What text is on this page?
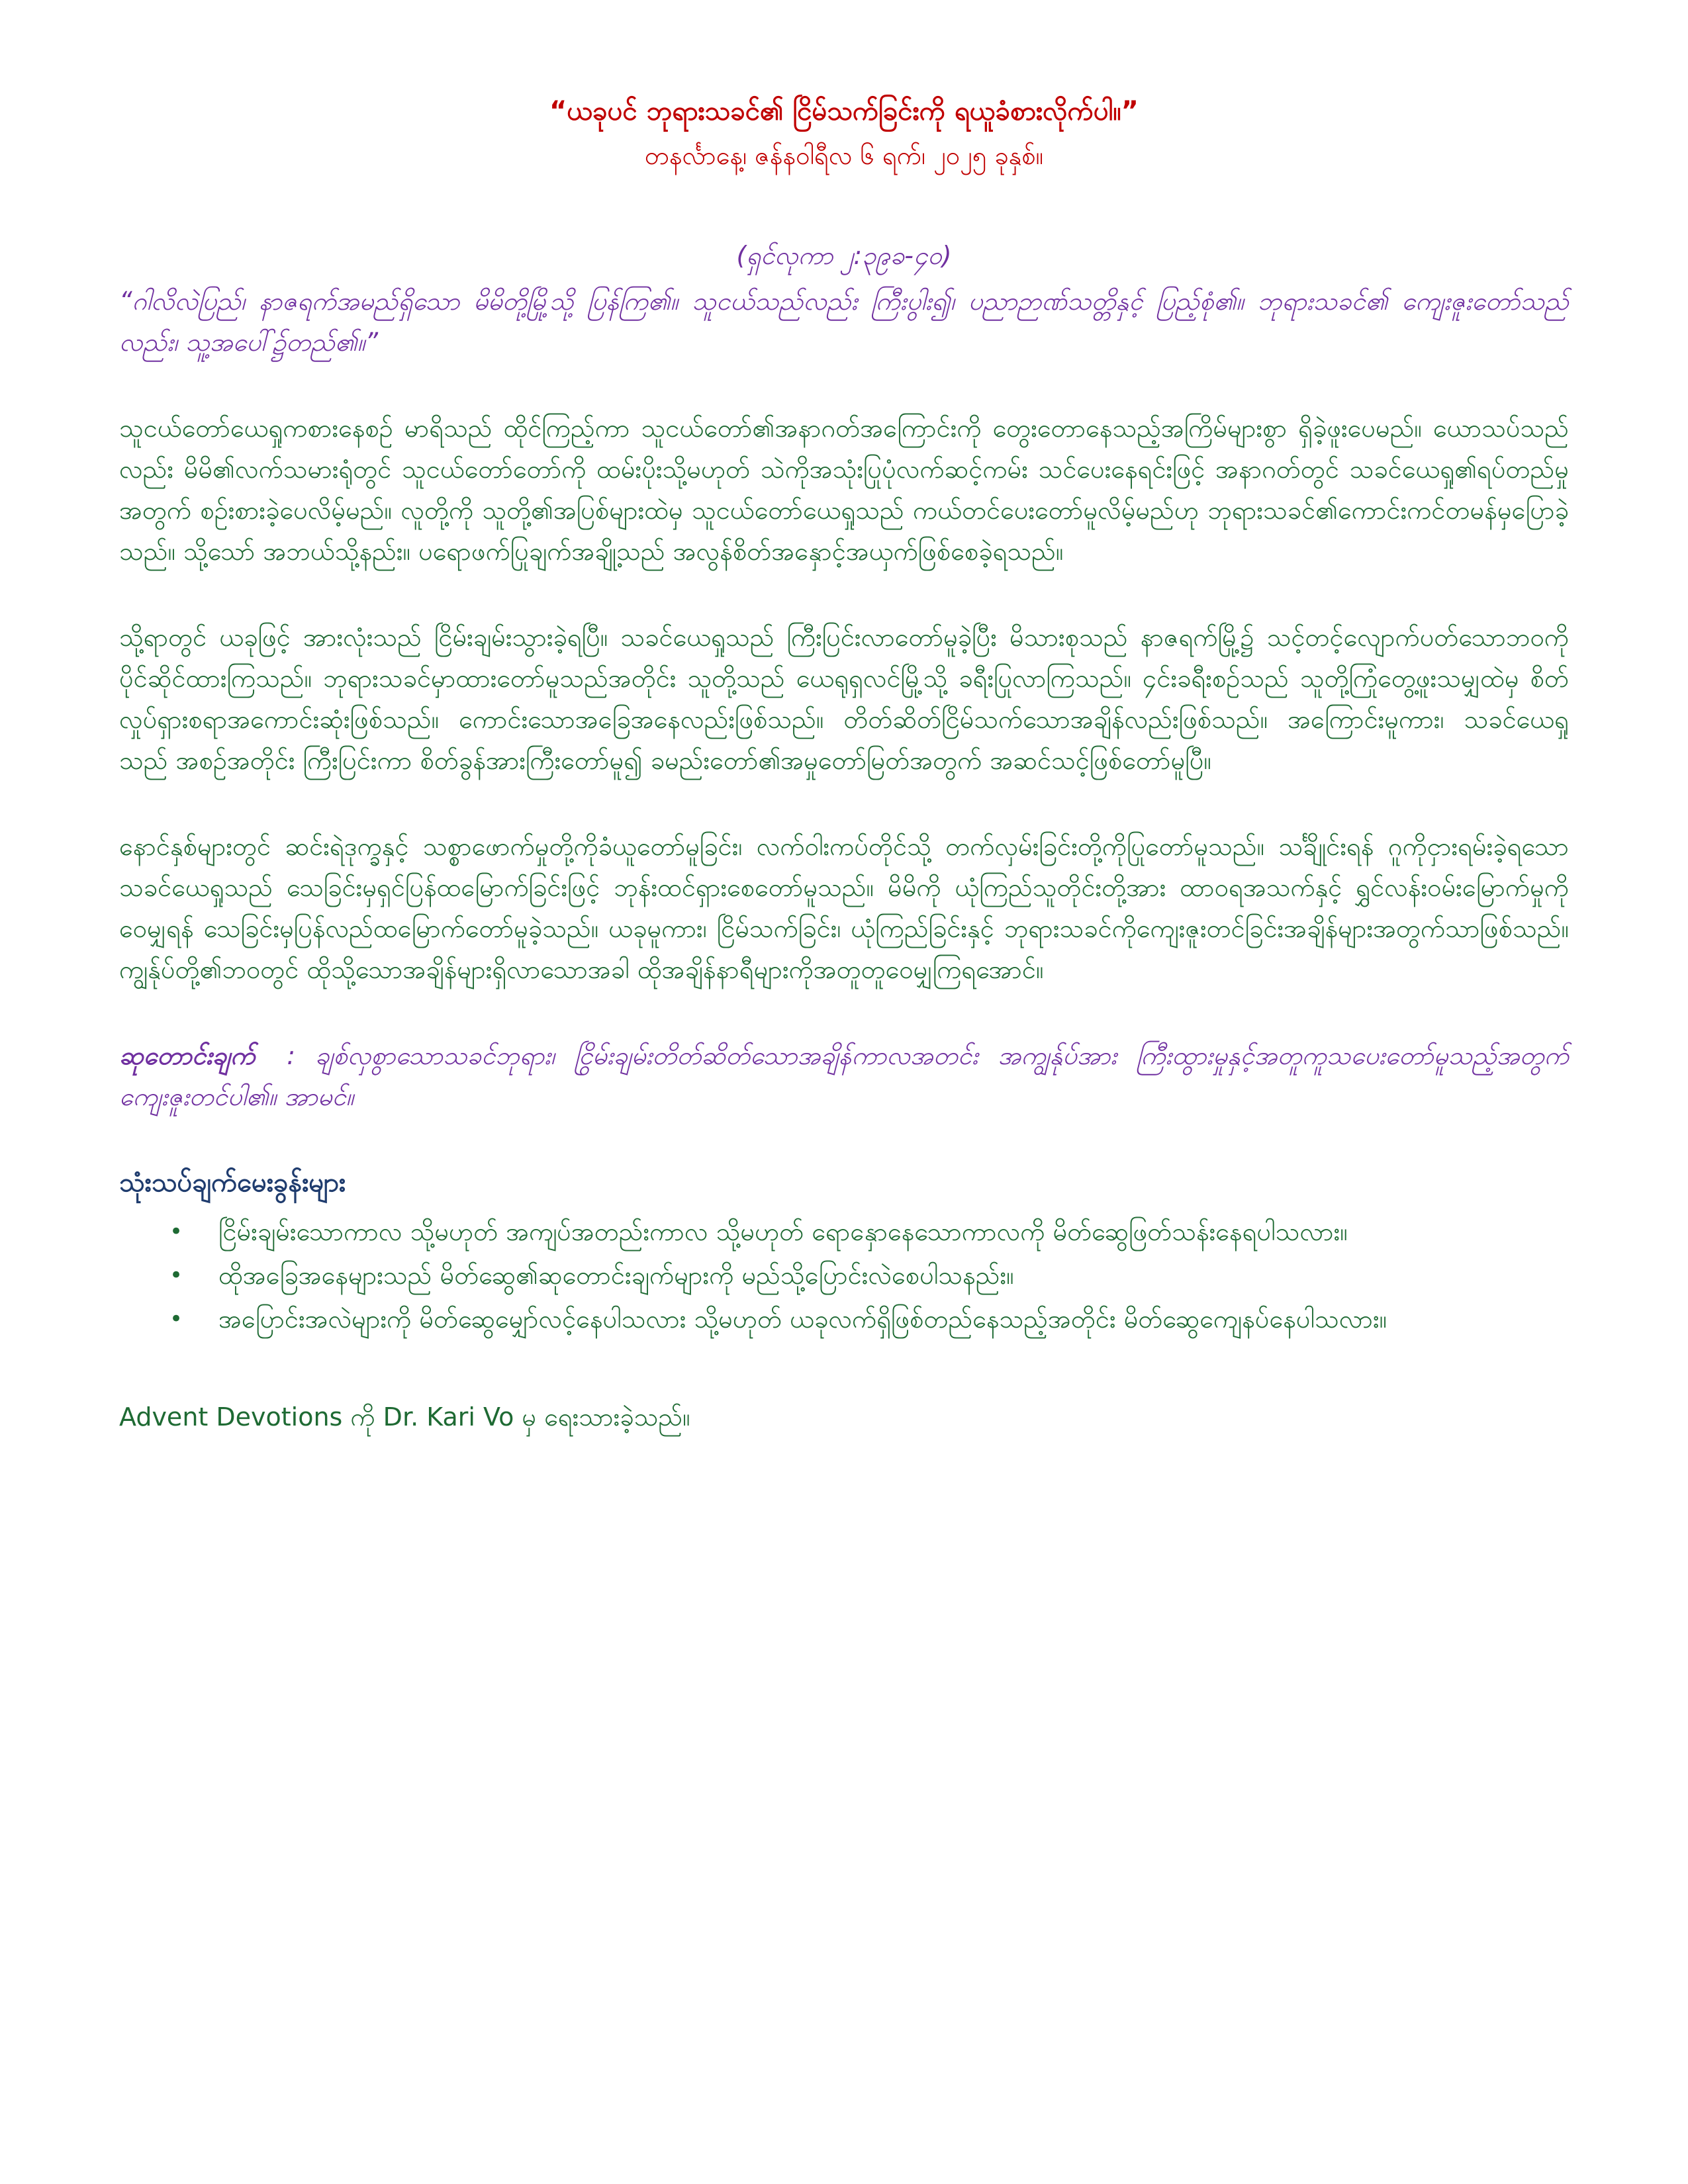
“ယခုပင် ဘုရားသခင်၏ ငြိမ်သက်ခြင်းကို ရယူခံစားလိုက်ပါ။”

တနင်္လာနေ့၊ ဇန်နဝါရီလ ၆ ရက်၊ ၂၀၂၅ ခုနှစ်။

(ရှင်လုကာ ၂:၃၉ခ-၄၀)

“ဂါလိလဲပြည်၊ နာဇရက်အမည်ရှိသော မိမိတို့မြို့သို့ ပြန်ကြ၏။ သူငယ်သည်လည်း ကြီးပွါး၍၊ ပညာဉာဏ်သတ္တိနှင့် ပြည့်စုံ၏။ ဘုရားသခင်၏ ကျေးဇူးတော်သည်လည်း၊ သူ့အပေါ်၌တည်၏။”

သူငယ်တော်ယေရှုကစားနေစဉ် မာရိသည် ထိုင်ကြည့်ကာ သူငယ်တော်၏အနာဂတ်အကြောင်းကို တွေးတောနေသည့်အကြိမ်များစွာ ရှိခဲ့ဖူးပေမည်။ ယောသပ်သည်လည်း မိမိ၏လက်သမားရုံတွင် သူငယ်တော်တော်ကို ထမ်းပိုးသို့မဟုတ် သဲကိုအသုံးပြုပုံလက်ဆင့်ကမ်း သင်ပေးနေရင်းဖြင့် အနာဂတ်တွင် သခင်ယေရှု၏ရပ်တည်မှုအတွက် စဉ်းစားခဲ့ပေလိမ့်မည်။ လူတို့ကို သူတို့၏အပြစ်များထဲမှ သူငယ်တော်ယေရှုသည် ကယ်တင်ပေးတော်မူလိမ့်မည်ဟု ဘုရားသခင်၏ကောင်းကင်တမန်မှပြောခဲ့သည်။ သို့သော် အဘယ်သို့နည်း။ ပရောဖက်ပြုချက်အချို့သည် အလွန်စိတ်အနှောင့်အယှက်ဖြစ်စေခဲ့ရသည်။

သို့ရာတွင် ယခုဖြင့် အားလုံးသည် ငြိမ်းချမ်းသွားခဲ့ရပြီ။ သခင်ယေရှုသည် ကြီးပြင်းလာတော်မူခဲ့ပြီး မိသားစုသည် နာဇရက်မြို့၌ သင့်တင့်လျောက်ပတ်သောဘဝကို ပိုင်ဆိုင်ထားကြသည်။ ဘုရားသခင်မှာထားတော်မူသည်အတိုင်း သူတို့သည် ယေရုရှလင်မြို့သို့ ခရီးပြုလာကြသည်။ ၄င်းခရီးစဉ်သည် သူတို့ကြုံတွေ့ဖူးသမျှထဲမှ စိတ်လှုပ်ရှားစရာအကောင်းဆုံးဖြစ်သည်။ ကောင်းသောအခြေအနေလည်းဖြစ်သည်။ တိတ်ဆိတ်ငြိမ်သက်သောအချိန်လည်းဖြစ်သည်။ အကြောင်းမူကား၊ သခင်ယေရှုသည် အစဉ်အတိုင်း ကြီးပြင်းကာ စိတ်ခွန်အားကြီးတော်မူ၍ ခမည်းတော်၏အမှုတော်မြတ်အတွက် အဆင်သင့်ဖြစ်တော်မူပြီ။

နောင်နှစ်များတွင် ဆင်းရဲဒုက္ခနှင့် သစ္စာဖောက်မှုတို့ကိုခံယူတော်မူခြင်း၊ လက်ဝါးကပ်တိုင်သို့ တက်လှမ်းခြင်းတို့ကိုပြုတော်မူသည်။ သင်္ချိုင်းရန် ဂူကိုငှားရမ်းခဲ့ရသော သခင်ယေရှုသည် သေခြင်းမှရှင်ပြန်ထမြောက်ခြင်းဖြင့် ဘုန်းထင်ရှားစေတော်မူသည်။ မိမိကို ယုံကြည်သူတိုင်းတို့အား ထာဝရအသက်နှင့် ရွှင်လန်းဝမ်းမြောက်မှုကို ဝေမျှရန် သေခြင်းမှပြန်လည်ထမြောက်တော်မူခဲ့သည်။ ယခုမူကား၊ ငြိမ်သက်ခြင်း၊ ယုံကြည်ခြင်းနှင့် ဘုရားသခင်ကိုကျေးဇူးတင်ခြင်းအချိန်များအတွက်သာဖြစ်သည်။ ကျွန်ုပ်တို့၏ဘဝတွင် ထိုသို့သောအချိန်များရှိလာသောအခါ ထိုအချိန်နာရီများကိုအတူတူဝေမျှကြရအောင်။

ဆုတောင်းချက် : ချစ်လှစွာသောသခင်ဘုရား၊ ငြိမ်းချမ်းတိတ်ဆိတ်သောအချိန်ကာလအတွင်း အကျွန်ုပ်အား ကြီးထွားမှုနှင့်အတူကူသပေးတော်မူသည့်အတွက် ကျေးဇူးတင်ပါ၏။ အာမင်။

သုံးသပ်ချက်မေးခွန်းများ

• ငြိမ်းချမ်းသောကာလ သို့မဟုတ် အကျပ်အတည်းကာလ သို့မဟုတ် ရောနှောနေသောကာလကို မိတ်ဆွေဖြတ်သန်းနေရပါသလား။
• ထိုအခြေအနေများသည် မိတ်ဆွေ၏ဆုတောင်းချက်များကို မည်သို့ပြောင်းလဲစေပါသနည်း။
• အပြောင်းအလဲများကို မိတ်ဆွေမျှော်လင့်နေပါသလား သို့မဟုတ် ယခုလက်ရှိဖြစ်တည်နေသည့်အတိုင်း မိတ်ဆွေကျေနပ်နေပါသလား။

Advent Devotions ကို Dr. Kari Vo မှ ရေးသားခဲ့သည်။
